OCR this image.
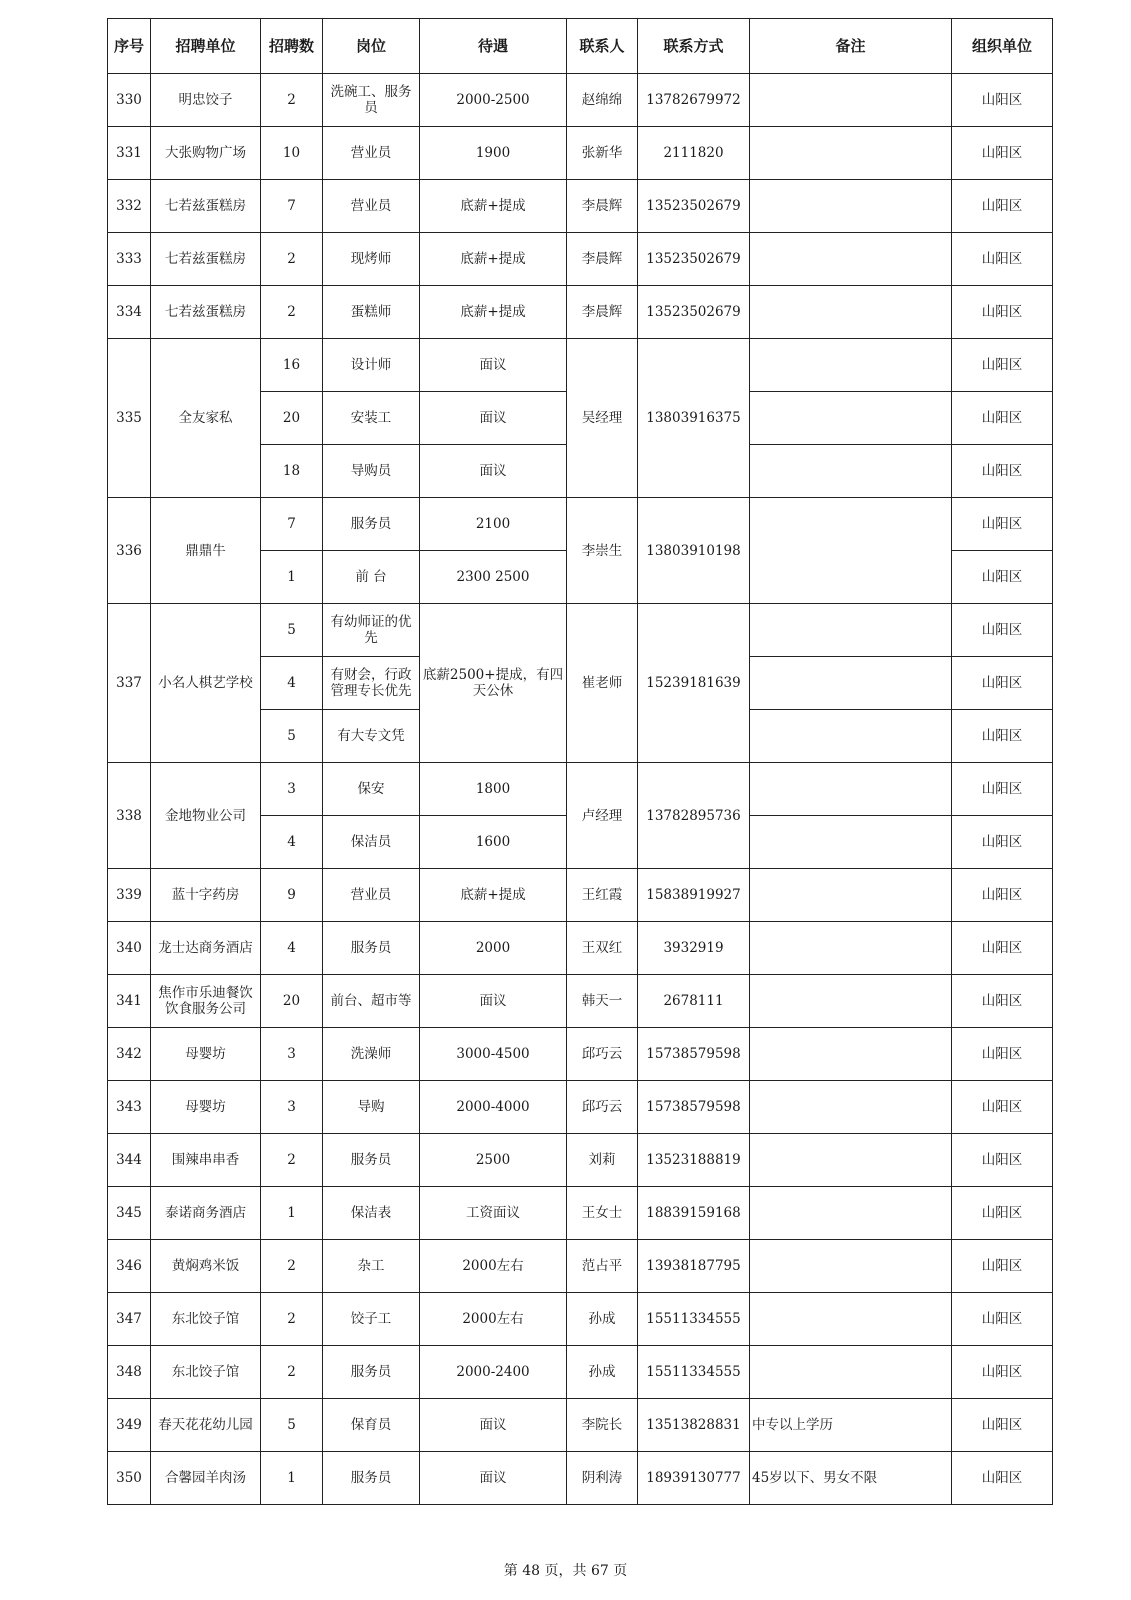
序号	招聘单位	招聘数	岗位	待遇	联系人	联系方式	备注	组织单位
330	明忠饺子	2	洗碗工、服务员	2000-2500	赵绵绵	13782679972		山阳区
331	大张购物广场	10	营业员	1900	张新华	2111820		山阳区
332	七若兹蛋糕房	7	营业员	底薪+提成	李晨辉	13523502679		山阳区
333	七若兹蛋糕房	2	现烤师	底薪+提成	李晨辉	13523502679		山阳区
334	七若兹蛋糕房	2	蛋糕师	底薪+提成	李晨辉	13523502679		山阳区
335	全友家私	16	设计师	面议	吴经理	13803916375		山阳区
		20	安装工	面议				山阳区
		18	导购员	面议				山阳区
336	鼎鼎牛	7	服务员	2100	李崇生	13803910198		山阳区
		1	前 台	2300 2500				山阳区
337	小名人棋艺学校	5	有幼师证的优先	底薪2500+提成，有四天公休	崔老师	15239181639		山阳区
		4	有财会，行政管理专长优先					山阳区
		5	有大专文凭					山阳区
338	金地物业公司	3	保安	1800	卢经理	13782895736		山阳区
		4	保洁员	1600				山阳区
339	蓝十字药房	9	营业员	底薪+提成	王红霞	15838919927		山阳区
340	龙士达商务酒店	4	服务员	2000	王双红	3932919		山阳区
341	焦作市乐迪餐饮饮食服务公司	20	前台、超市等	面议	韩天一	2678111		山阳区
342	母婴坊	3	洗澡师	3000-4500	邱巧云	15738579598		山阳区
343	母婴坊	3	导购	2000-4000	邱巧云	15738579598		山阳区
344	围辣串串香	2	服务员	2500	刘莉	13523188819		山阳区
345	泰诺商务酒店	1	保洁表	工资面议	王女士	18839159168		山阳区
346	黄焖鸡米饭	2	杂工	2000左右	范占平	13938187795		山阳区
347	东北饺子馆	2	饺子工	2000左右	孙成	15511334555		山阳区
348	东北饺子馆	2	服务员	2000-2400	孙成	15511334555		山阳区
349	春天花花幼儿园	5	保育员	面议	李院长	13513828831	中专以上学历	山阳区
350	合馨园羊肉汤	1	服务员	面议	阴利涛	18939130777	45岁以下、男女不限	山阳区
第 48 页，共 67 页
